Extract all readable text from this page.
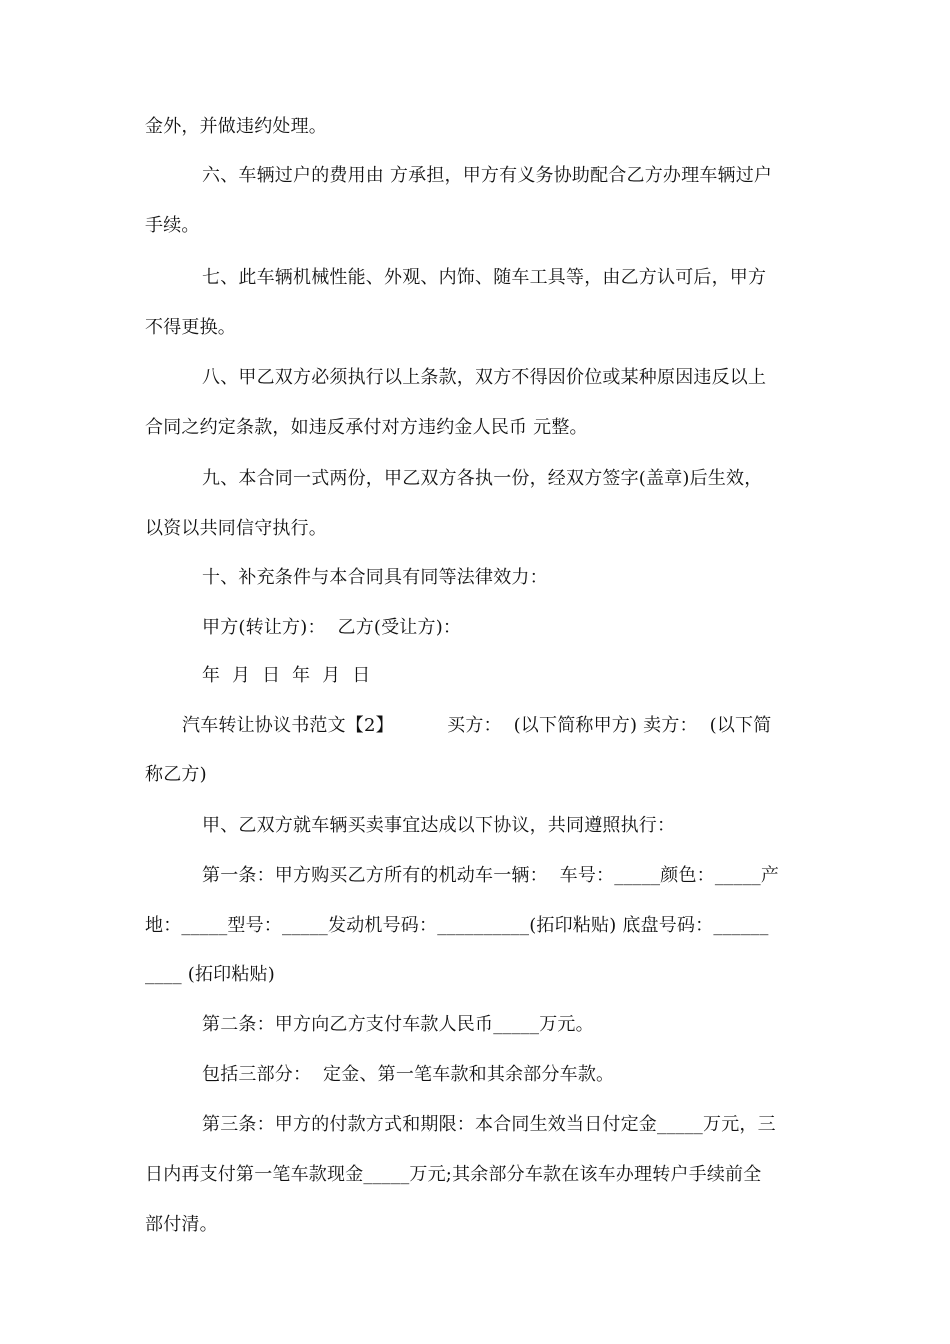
金外，并做违约处理。
六、车辆过户的费用由 方承担，甲方有义务协助配合乙方办理车辆过户
手续。
七、此车辆机械性能、外观、内饰、随车工具等，由乙方认可后，甲方
不得更换。
八、甲乙双方必须执行以上条款，双方不得因价位或某种原因违反以上
合同之约定条款，如违反承付对方违约金人民币 元整。
九、本合同一式两份，甲乙双方各执一份，经双方签字(盖章)后生效，
以资以共同信守执行。
十、补充条件与本合同具有同等法律效力：
甲方(转让方)：  乙方(受让方)：
年  月  日  年  月  日
汽车转让协议书范文【2】         买方：  (以下简称甲方) 卖方：  (以下简
称乙方)
甲、乙双方就车辆买卖事宜达成以下协议，共同遵照执行：
第一条：甲方购买乙方所有的机动车一辆：  车号：_____颜色：_____产
地：_____型号：_____发动机号码：__________(拓印粘贴) 底盘号码：______
____ (拓印粘贴)
第二条：甲方向乙方支付车款人民币_____万元。
包括三部分：  定金、第一笔车款和其余部分车款。
第三条：甲方的付款方式和期限：本合同生效当日付定金_____万元，三
日内再支付第一笔车款现金_____万元;其余部分车款在该车办理转户手续前全
部付清。
